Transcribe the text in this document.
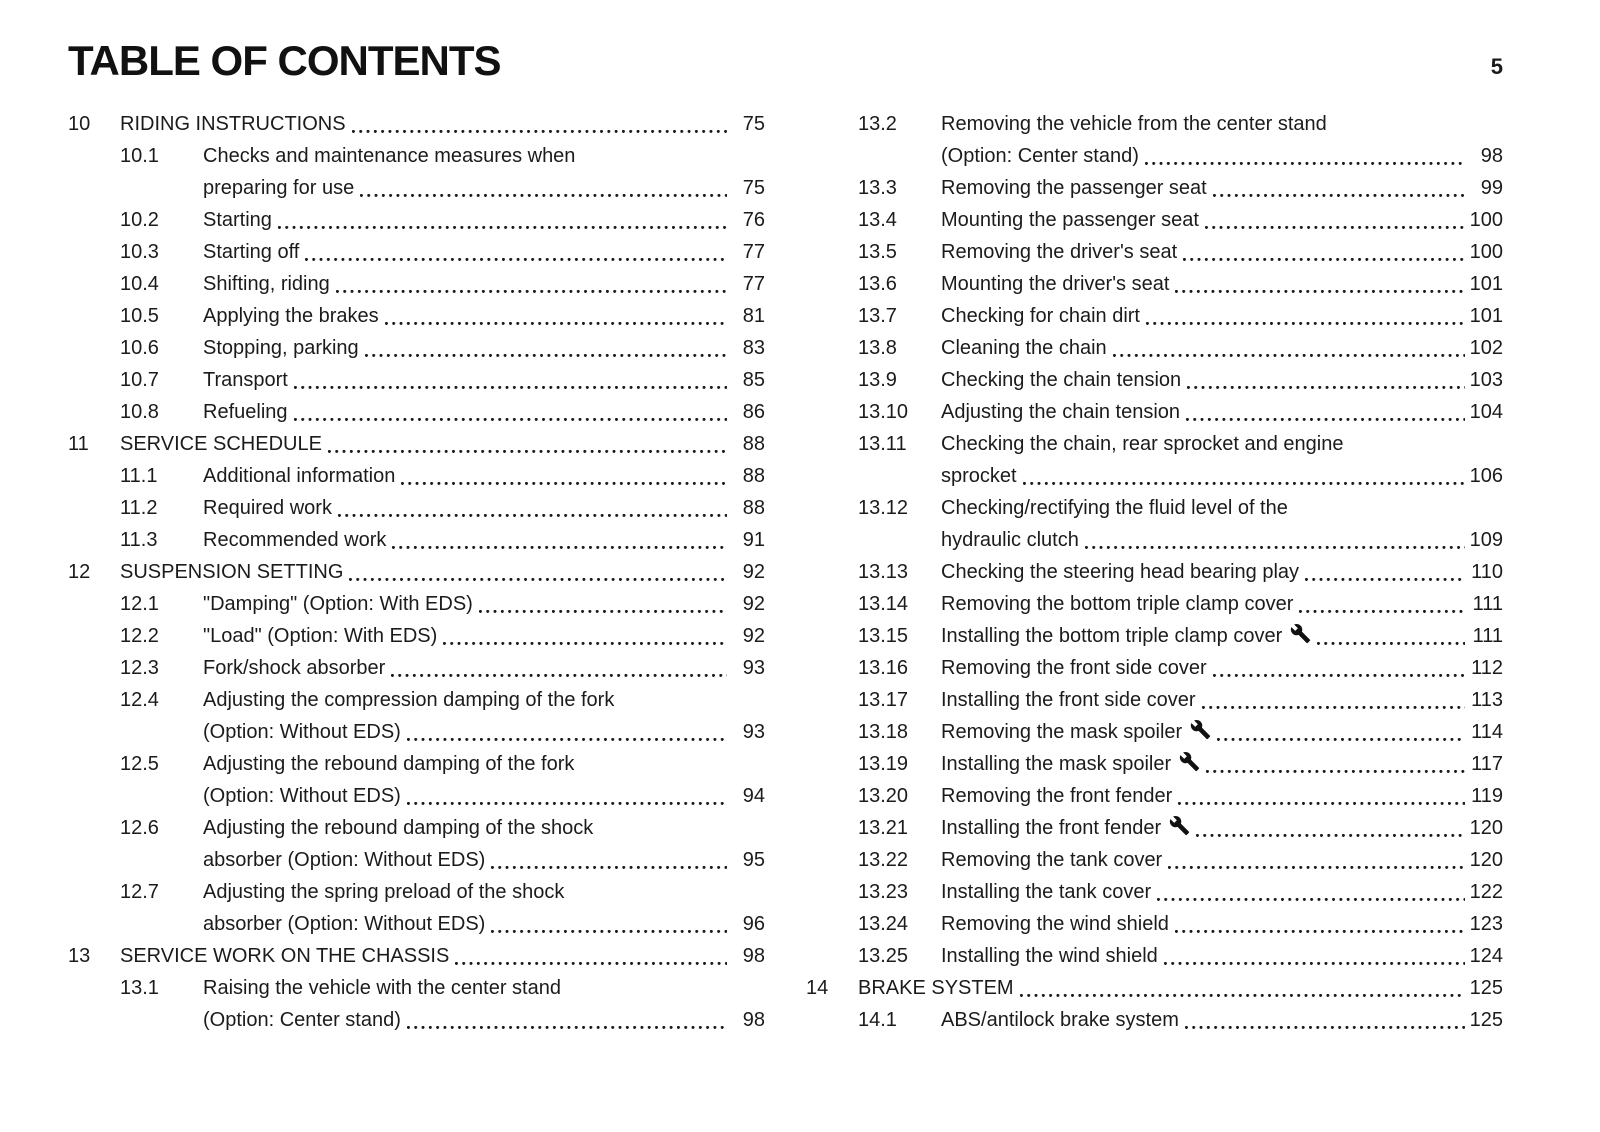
TABLE OF CONTENTS	5
10	RIDING INSTRUCTIONS	75
10.1	Checks and maintenance measures when
preparing for use	75
10.2	Starting	76
10.3	Starting off	77
10.4	Shifting, riding	77
10.5	Applying the brakes	81
10.6	Stopping, parking	83
10.7	Transport	85
10.8	Refueling	86
11	SERVICE SCHEDULE	88
11.1	Additional information	88
11.2	Required work	88
11.3	Recommended work	91
12	SUSPENSION SETTING	92
12.1	"Damping" (Option: With EDS)	92
12.2	"Load" (Option: With EDS)	92
12.3	Fork/shock absorber	93
12.4	Adjusting the compression damping of the fork
(Option: Without EDS)	93
12.5	Adjusting the rebound damping of the fork
(Option: Without EDS)	94
12.6	Adjusting the rebound damping of the shock
absorber (Option: Without EDS)	95
12.7	Adjusting the spring preload of the shock
absorber (Option: Without EDS)	96
13	SERVICE WORK ON THE CHASSIS	98
13.1	Raising the vehicle with the center stand
(Option: Center stand)	98
13.2	Removing the vehicle from the center stand
(Option: Center stand)	98
13.3	Removing the passenger seat	99
13.4	Mounting the passenger seat	100
13.5	Removing the driver's seat	100
13.6	Mounting the driver's seat	101
13.7	Checking for chain dirt	101
13.8	Cleaning the chain	102
13.9	Checking the chain tension	103
13.10	Adjusting the chain tension	104
13.11	Checking the chain, rear sprocket and engine
sprocket	106
13.12	Checking/rectifying the fluid level of the
hydraulic clutch	109
13.13	Checking the steering head bearing play	110
13.14	Removing the bottom triple clamp cover	111
13.15	Installing the bottom triple clamp cover	111
13.16	Removing the front side cover	112
13.17	Installing the front side cover	113
13.18	Removing the mask spoiler	114
13.19	Installing the mask spoiler	117
13.20	Removing the front fender	119
13.21	Installing the front fender	120
13.22	Removing the tank cover	120
13.23	Installing the tank cover	122
13.24	Removing the wind shield	123
13.25	Installing the wind shield	124
14	BRAKE SYSTEM	125
14.1	ABS/antilock brake system	125
